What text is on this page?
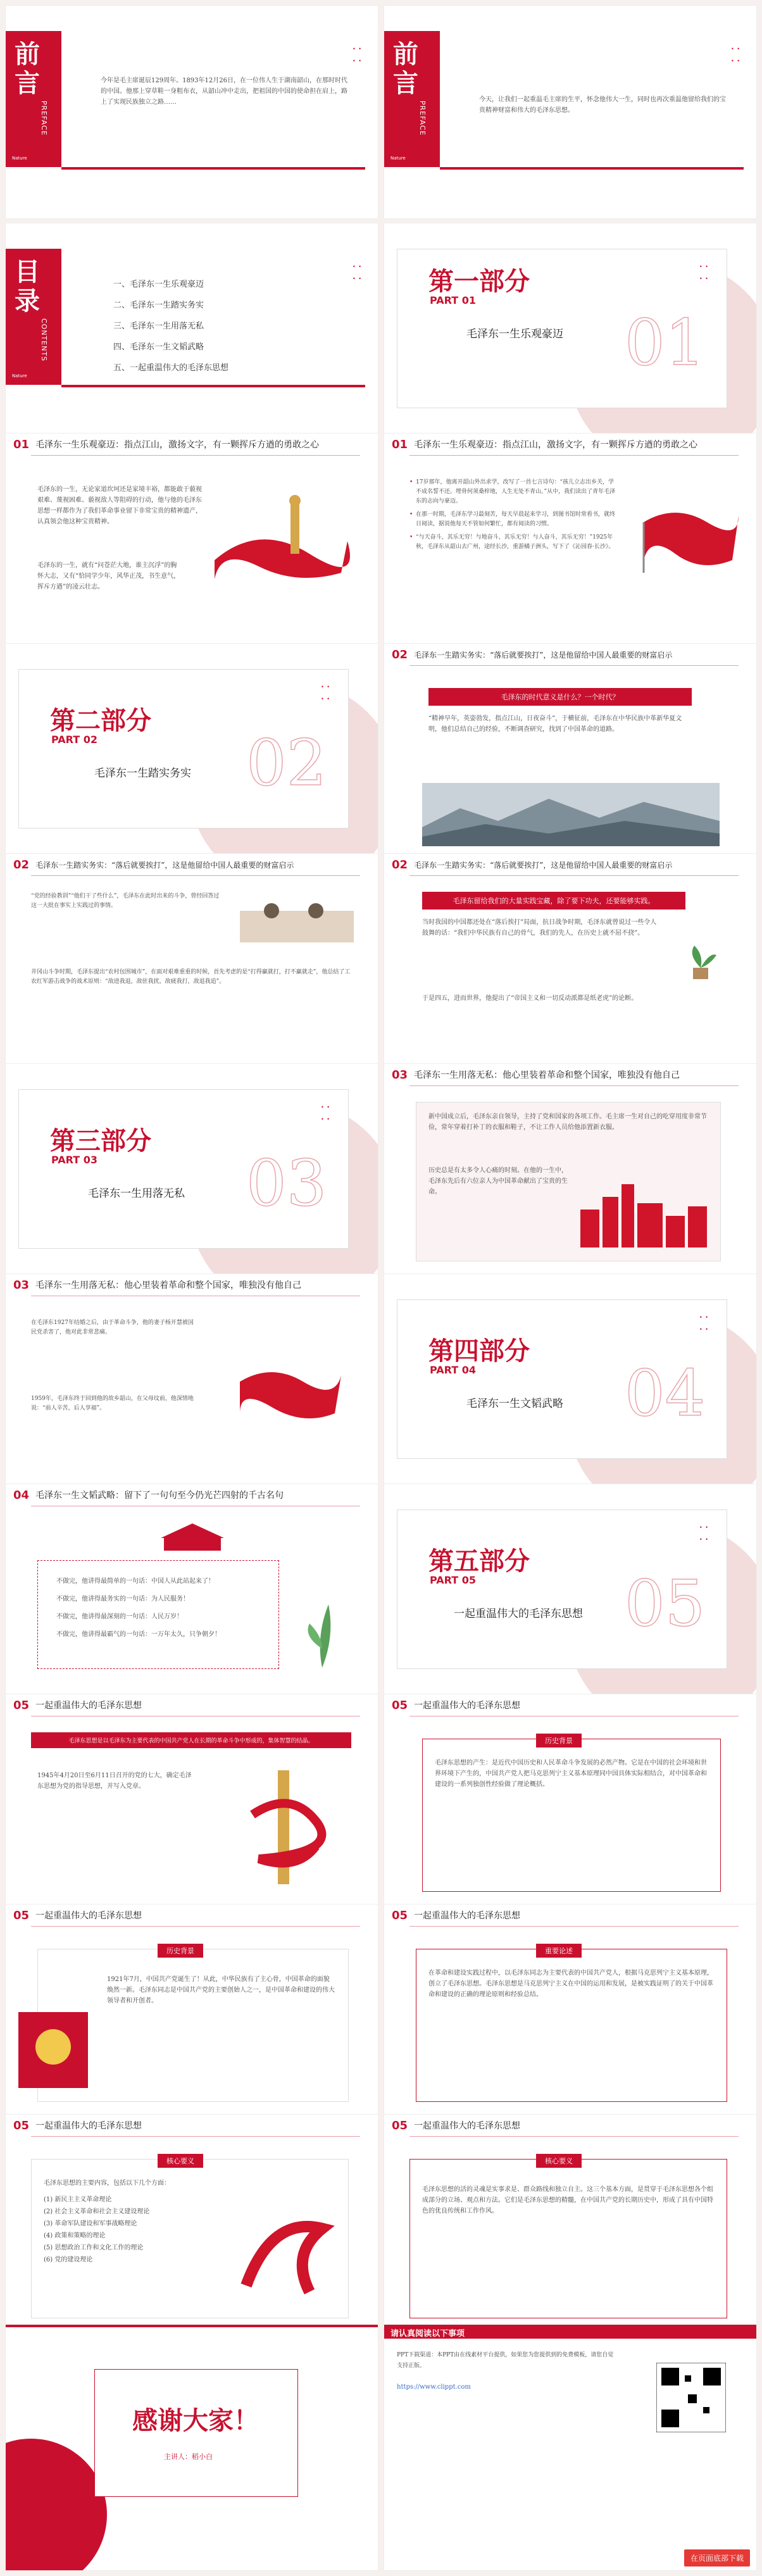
前言
PREFACE
Nature
• • • •
今年是毛主席诞辰129周年。1893年12月26日，在一位伟人生于湖南韶山，在那时时代的中国。他那上穿草鞋一身粗布衣，从韶山冲中走出，把祖国的中国的使命担在肩上，路上了实现民族独立之路……
前言
PREFACE
Nature
• • • •
今天，让我们一起重温毛主席的生平，怀念他伟大一生，同时也再次重温他留给我们的宝贵精神财富和伟大的毛泽东思想。
目录
CONTENTS
Nature
• • • •
一、毛泽东一生乐观豪迈
二、毛泽东一生踏实务实
三、毛泽东一生用落无私
四、毛泽东一生文韬武略
五、一起重温伟大的毛泽东思想
• • • •
第一部分
PART 01
毛泽东一生乐观豪迈 01
01 毛泽东一生乐观豪迈：指点江山，激扬文字，有一颗挥斥方遒的勇敢之心
毛泽东的一生，无论家道坎坷还是家境丰裕，都能敢于藐视艰难、蔑视困难、藐视敌人等阻碍的行动，他与他的毛泽东思想一样都作为了我们革命事业留下非常宝贵的精神遗产，认真领会他这种宝贵精神。
毛泽东的一生，就有“问苍茫大地，谁主沉浮”的胸怀大志，又有“恰同学少年，风华正茂，书生意气，挥斥方遒”的凌云壮志。
01 毛泽东一生乐观豪迈：指点江山，激扬文字，有一颗挥斥方遒的勇敢之心
• 17岁那年，他离开韶山外出求学，改写了一首七言诗句：“孩儿立志出乡关，学不成名誓不还。埋骨何须桑梓地，人生无处不青山。”从中，我们读出了青年毛泽东的志向与豪迈。
• 在那一时期，毛泽东学习最刻苦，每天早晨起来学习，到图书馆时常看书，就终日阅读，据说他每天不管如何繁忙，都有阅读的习惯。
• “与天奋斗，其乐无穷！与地奋斗，其乐无穷！与人奋斗，其乐无穷！”1925年秋，毛泽东从韶山去广州，途经长沙，重游橘子洲头，写下了《沁园春·长沙》。
• • • •
第二部分
PART 02
毛泽东一生踏实务实 02
02 毛泽东一生踏实务实：“落后就要挨打”，这是他留给中国人最重要的财富启示
毛泽东的时代意义是什么？一个时代？
“精神早年，英姿勃发，指点江山，日夜奋斗”，于横征前，毛泽东在中华民族中革新华夏文明，他们总结自己的经验，不断调查研究，找到了中国革命的道路。
02 毛泽东一生踏实务实：“落后就要挨打”，这是他留给中国人最重要的财富启示
“党的经验教训”“他们干了些什么”，毛泽东在此时出来的斗争，曾经回答过这一大批在事实上实践过的事情。
井冈山斗争时期，毛泽东提出“农村包围城市”，在面对艰难重重的时候，首先考虑的是“打得赢就打，打不赢就走”，他总结了工农红军游击战争的战术原则：“敌进我退，敌驻我扰，敌疲我打，敌退我追”。
02 毛泽东一生踏实务实：“落后就要挨打”，这是他留给中国人最重要的财富启示
毛泽东留给我们的大量实践宝藏，除了要下功夫，还要能够实践。
当时我国的中国都还处在“落后挨打”局面，抗日战争时期，毛泽东就曾说过一些令人鼓舞的话：“我们中华民族有自己的骨气，我们的先人，在历史上就不屈不挠”。
于是四五，进而世界，他提出了“帝国主义和一切反动派都是纸老虎”的论断。
• • • •
第三部分
PART 03
毛泽东一生用落无私 03
03 毛泽东一生用落无私：他心里装着革命和整个国家，唯独没有他自己
新中国成立后，毛泽东亲自领导，主持了党和国家的各项工作。毛主席一生对自己的吃穿用度非常节俭，常年穿着打补丁的衣服和鞋子，不让工作人员给他添置新衣服。
历史总是有太多令人心痛的时刻。在他的一生中，毛泽东先后有六位亲人为中国革命献出了宝贵的生命。
03 毛泽东一生用落无私：他心里装着革命和整个国家，唯独没有他自己
在毛泽东1927年结婚之后，由于革命斗争，他的妻子杨开慧被国民党杀害了，他对此非常悲痛。
1959年，毛泽东终于回到他的故乡韶山，在父母坟前，他深情地说：“前人辛苦，后人享福”。
• • • •
第四部分
PART 04
毛泽东一生文韬武略 04
04 毛泽东一生文韬武略：留下了一句句至今仍光芒四射的千古名句
不做完，他讲得最简单的一句话：中国人从此站起来了！
不做完，他讲得最务实的一句话：为人民服务！
不做完，他讲得最深刻的一句话：人民万岁！
不做完，他讲得最霸气的一句话：一万年太久，只争朝夕！
• • • •
第五部分
PART 05
一起重温伟大的毛泽东思想 05
05 一起重温伟大的毛泽东思想
毛泽东思想是以毛泽东为主要代表的中国共产党人在长期的革命斗争中形成的，集体智慧的结晶。
1945年4月20日至6月11日召开的党的七大，确定毛泽东思想为党的指导思想，并写入党章。
05 一起重温伟大的毛泽东思想
历史背景
毛泽东思想的产生：是近代中国历史和人民革命斗争发展的必然产物。它是在中国的社会环境和世界环境下产生的，中国共产党人把马克思列宁主义基本原理同中国具体实际相结合，对中国革命和建设的一系列独创性经验做了理论概括。
05 一起重温伟大的毛泽东思想
历史背景
1921年7月，中国共产党诞生了！从此，中华民族有了主心骨，中国革命的面貌焕然一新。毛泽东同志是中国共产党的主要创始人之一，是中国革命和建设的伟大领导者和开创者。
05 一起重温伟大的毛泽东思想
重要论述
在革命和建设实践过程中，以毛泽东同志为主要代表的中国共产党人，根据马克思列宁主义基本原理，创立了毛泽东思想。毛泽东思想是马克思列宁主义在中国的运用和发展，是被实践证明了的关于中国革命和建设的正确的理论原则和经验总结。
05 一起重温伟大的毛泽东思想
核心要义
毛泽东思想的主要内容，包括以下几个方面：
(1) 新民主主义革命理论
(2) 社会主义革命和社会主义建设理论
(3) 革命军队建设和军事战略理论
(4) 政策和策略的理论
(5) 思想政治工作和文化工作的理论
(6) 党的建设理论
05 一起重温伟大的毛泽东思想
核心要义
毛泽东思想的活的灵魂是实事求是、群众路线和独立自主。这三个基本方面，是贯穿于毛泽东思想各个组成部分的立场、观点和方法。它们是毛泽东思想的精髓，在中国共产党的长期历史中，形成了具有中国特色的优良传统和工作作风。
感谢大家！
主讲人：稻小白
请认真阅读以下事项
PPT下载渠道：本PPT由在线素材平台提供，如果您为您提供到的免费模板，请您自觉支持正版。
https://www.clippt.com
在页面底部下载
